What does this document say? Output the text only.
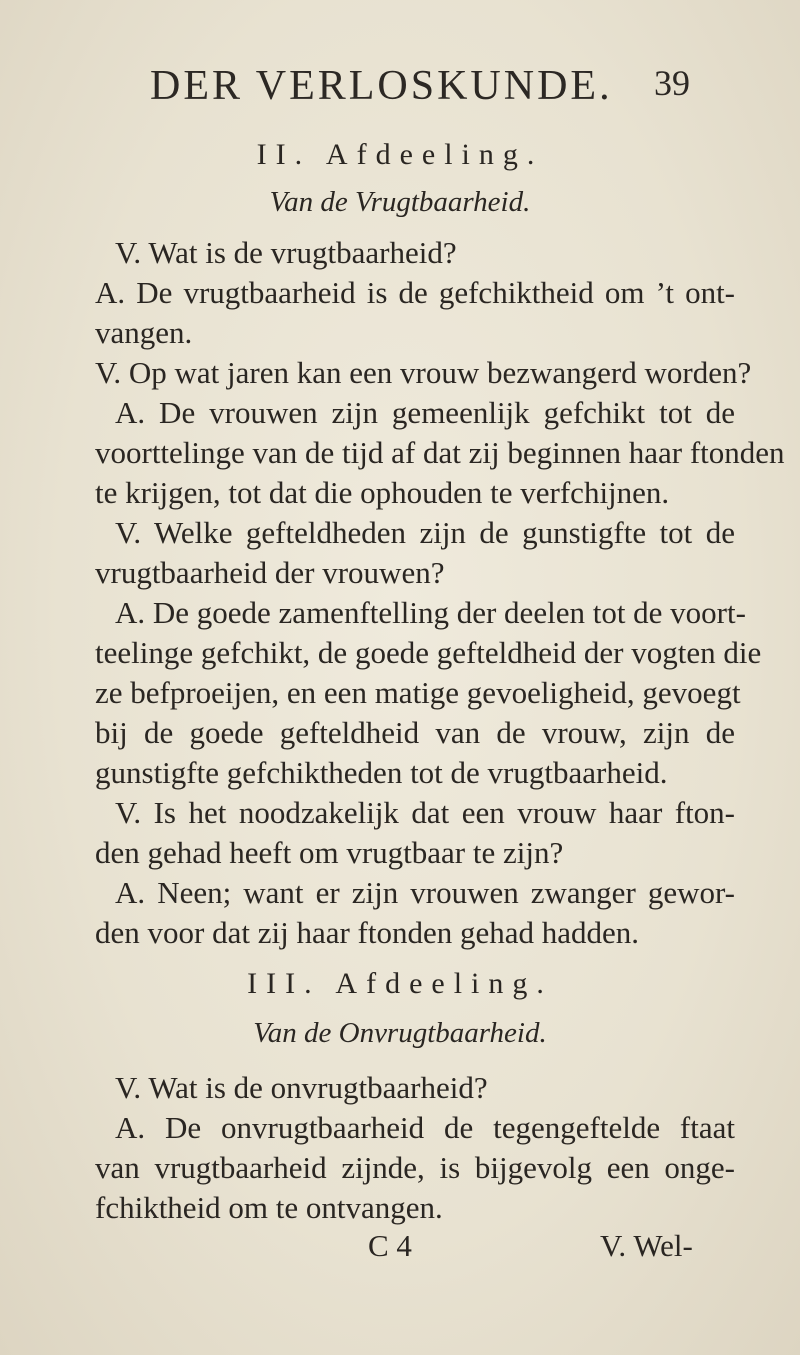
DER VERLOSKUNDE. 39
II. Afdeeling.
Van de Vrugtbaarheid.
V. Wat is de vrugtbaarheid?
A. De vrugtbaarheid is de gefchiktheid om ’t ont-
vangen.
V. Op wat jaren kan een vrouw bezwangerd worden?
A. De vrouwen zijn gemeenlijk gefchikt tot de
voorttelinge van de tijd af dat zij beginnen haar ftonden
te krijgen, tot dat die ophouden te verfchijnen.
V. Welke gefteldheden zijn de gunstigfte tot de
vrugtbaarheid der vrouwen?
A. De goede zamenftelling der deelen tot de voort-
teelinge gefchikt, de goede gefteldheid der vogten die
ze befproeijen, en een matige gevoeligheid, gevoegt
bij de goede gefteldheid van de vrouw, zijn de
gunstigfte gefchiktheden tot de vrugtbaarheid.
V. Is het noodzakelijk dat een vrouw haar fton-
den gehad heeft om vrugtbaar te zijn?
A. Neen; want er zijn vrouwen zwanger gewor-
den voor dat zij haar ftonden gehad hadden.
III. Afdeeling.
Van de Onvrugtbaarheid.
V. Wat is de onvrugtbaarheid?
A. De onvrugtbaarheid de tegengeftelde ftaat
van vrugtbaarheid zijnde, is bijgevolg een onge-
fchiktheid om te ontvangen.
C 4	V. Wel-
